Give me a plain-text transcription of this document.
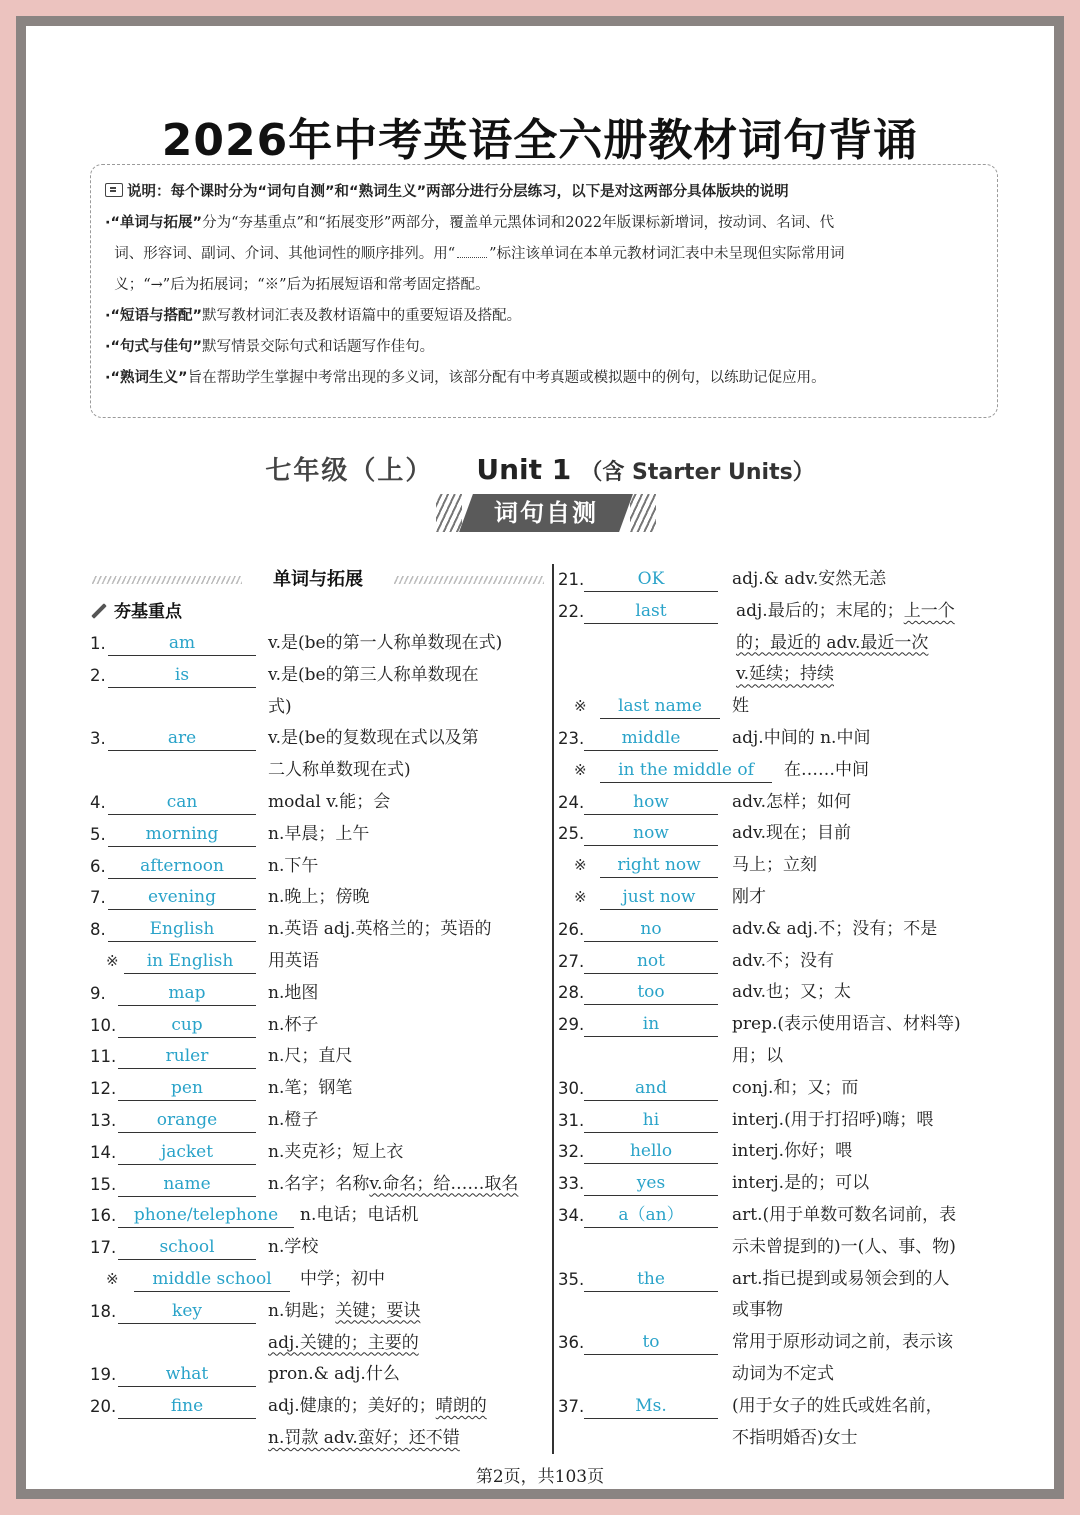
2026年中考英语全六册教材词句背诵
说明：每个课时分为“词句自测”和“熟词生义”两部分进行分层练习，以下是对这两部分具体版块的说明
·“单词与拓展”分为“夯基重点”和“拓展变形”两部分，覆盖单元黑体词和2022年版课标新增词，按动词、名词、代
词、形容词、副词、介词、其他词性的顺序排列。用“ ”标注该单词在本单元教材词汇表中未呈现但实际常用词
义；“→”后为拓展词；“※”后为拓展短语和常考固定搭配。
·“短语与搭配”默写教材词汇表及教材语篇中的重要短语及搭配。
·“句式与佳句”默写情景交际句式和话题写作佳句。
·“熟词生义”旨在帮助学生掌握中考常出现的多义词，该部分配有中考真题或模拟题中的例句，以练助记促应用。
七年级（上） Unit 1 （含 Starter Units）
词句自测
单词与拓展
夯基重点
1.	am	v.是(be的第一人称单数现在式)
2.	is	v.是(be的第三人称单数现在
式)
3.	are	v.是(be的复数现在式以及第
二人称单数现在式)
4.	can	modal v.能；会
5.	morning	n.早晨；上午
6.	afternoon	n.下午
7.	evening	n.晚上；傍晚
8.	English	n.英语 adj.英格兰的；英语的
※	in English	用英语
9.	map	n.地图
10.	cup	n.杯子
11.	ruler	n.尺；直尺
12.	pen	n.笔；钢笔
13.	orange	n.橙子
14.	jacket	n.夹克衫；短上衣
15.	name	n.名字；名称v.命名；给……取名
16.	phone/telephone	n.电话；电话机
17.	school	n.学校
※	middle school	中学；初中
18.	key	n.钥匙；关键；要诀
adj.关键的；主要的
19.	what	pron.& adj.什么
20.	fine	adj.健康的；美好的；晴朗的
n.罚款 adv.蛮好；还不错
21.	OK	adj.& adv.安然无恙
22.	last	adj.最后的；末尾的；上一个
的；最近的 adv.最近一次
v.延续；持续
※	last name	姓
23.	middle	adj.中间的 n.中间
※	in the middle of	在……中间
24.	how	adv.怎样；如何
25.	now	adv.现在；目前
※	right now	马上；立刻
※	just now	刚才
26.	no	adv.& adj.不；没有；不是
27.	not	adv.不；没有
28.	too	adv.也；又；太
29.	in	prep.(表示使用语言、材料等)
用；以
30.	and	conj.和；又；而
31.	hi	interj.(用于打招呼)嗨；喂
32.	hello	interj.你好；喂
33.	yes	interj.是的；可以
34.	a（an）	art.(用于单数可数名词前，表
示未曾提到的)一(人、事、物)
35.	the	art.指已提到或易领会到的人
或事物
36.	to	常用于原形动词之前，表示该
动词为不定式
37.	Ms.	(用于女子的姓氏或姓名前，
不指明婚否)女士
第2页，共103页
